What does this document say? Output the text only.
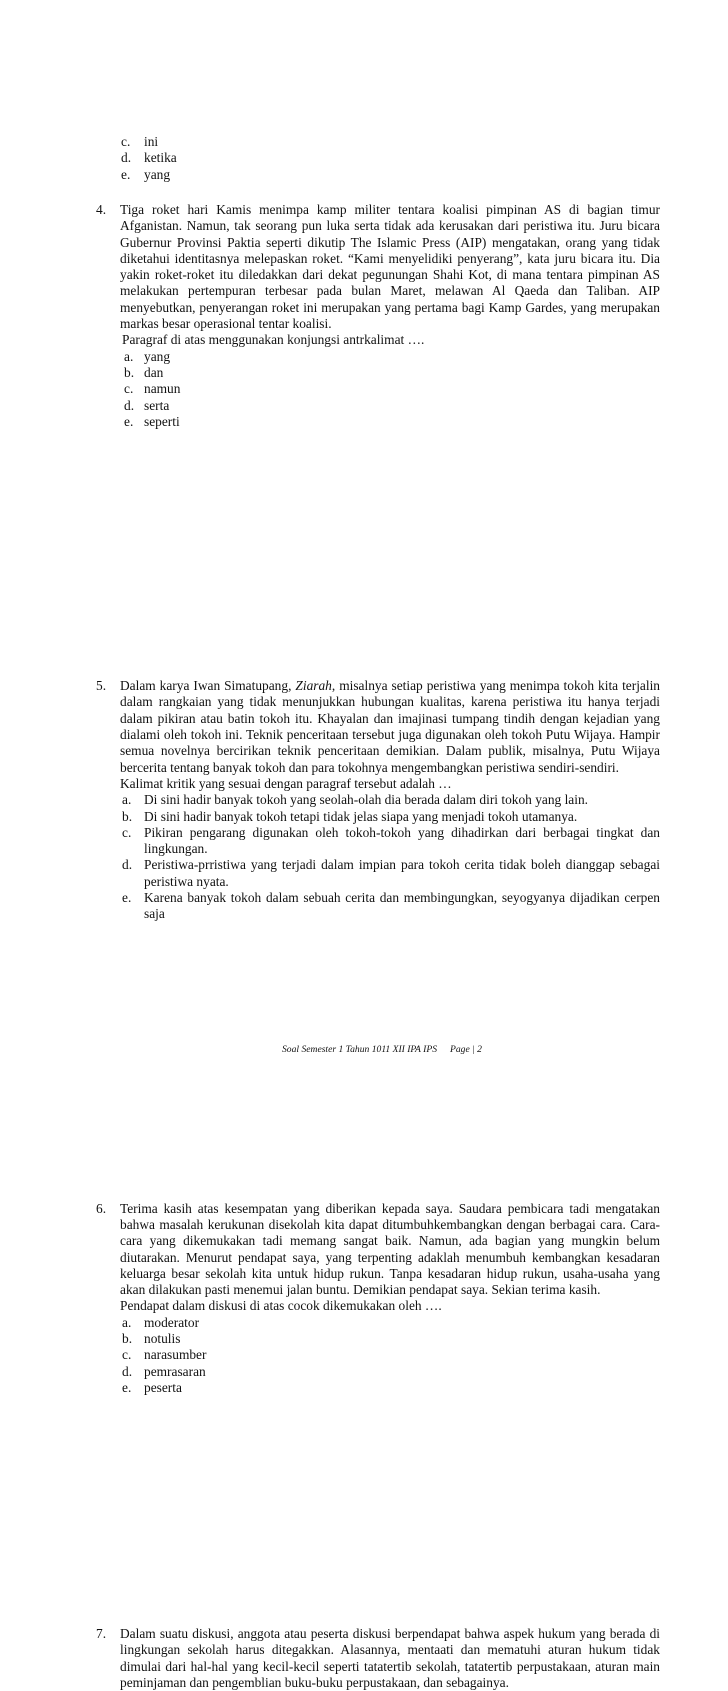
c. ini
d. ketika
e. yang
4. Tiga roket hari Kamis menimpa kamp militer tentara koalisi pimpinan AS di bagian timur Afganistan. Namun, tak seorang pun luka serta tidak ada kerusakan dari peristiwa itu. Juru bicara Gubernur Provinsi Paktia seperti dikutip The Islamic Press (AIP) mengatakan, orang yang tidak diketahui identitasnya melepaskan roket. “Kami menyelidiki penyerang”, kata juru bicara itu. Dia yakin roket-roket itu diledakkan dari dekat pegunungan Shahi Kot, di mana tentara pimpinan AS melakukan pertempuran terbesar pada bulan Maret, melawan Al Qaeda dan Taliban. AIP menyebutkan, penyerangan roket ini merupakan yang pertama bagi Kamp Gardes, yang merupakan markas besar operasional tentar koalisi.

Paragraf di atas menggunakan konjungsi antrkalimat ….
a. yang
b. dan
c. namun
d. serta
e. seperti
5. Dalam karya Iwan Simatupang, Ziarah, misalnya setiap peristiwa yang menimpa tokoh kita terjalin dalam rangkaian yang tidak menunjukkan hubungan kualitas, karena peristiwa itu hanya terjadi dalam pikiran atau batin tokoh itu. Khayalan dan imajinasi tumpang tindih dengan kejadian yang dialami oleh tokoh ini. Teknik penceritaan tersebut juga digunakan oleh tokoh Putu Wijaya. Hampir semua novelnya bercirikan teknik penceritaan demikian. Dalam publik, misalnya, Putu Wijaya bercerita tentang banyak tokoh dan para tokohnya mengembangkan peristiwa sendiri-sendiri.

Kalimat kritik yang sesuai dengan paragraf tersebut adalah …
a. Di sini hadir banyak tokoh yang seolah-olah dia berada dalam diri tokoh yang lain.

b. Di sini hadir banyak tokoh tetapi tidak jelas siapa yang menjadi tokoh utamanya.

c. Pikiran pengarang digunakan oleh tokoh-tokoh yang dihadirkan dari berbagai tingkat dan lingkungan.

d. Peristiwa-prristiwa yang terjadi dalam impian para tokoh cerita tidak boleh dianggap sebagai peristiwa nyata.

e. Karena banyak tokoh dalam sebuah cerita dan membingungkan, seyogyanya dijadikan cerpen saja

6. Terima kasih atas kesempatan yang diberikan kepada saya. Saudara pembicara tadi mengatakan bahwa masalah kerukunan disekolah kita dapat ditumbuhkembangkan dengan berbagai cara. Cara-cara yang dikemukakan tadi memang sangat baik. Namun, ada bagian yang mungkin belum diutarakan. Menurut pendapat saya, yang terpenting adaklah menumbuh kembangkan kesadaran keluarga besar sekolah kita untuk hidup rukun. Tanpa kesadaran hidup rukun, usaha-usaha yang akan dilakukan pasti menemui jalan buntu. Demikian pendapat saya. Sekian terima kasih.

Pendapat dalam diskusi di atas cocok dikemukakan oleh ….
a. moderator
b. notulis
c. narasumber
d. pemrasaran
e. peserta
7. Dalam suatu diskusi, anggota atau peserta diskusi berpendapat bahwa aspek hukum yang berada di lingkungan sekolah harus ditegakkan. Alasannya, mentaati dan mematuhi aturan hukum tidak dimulai dari hal-hal yang kecil-kecil seperti tatatertib sekolah, tatatertib perpustakaan, aturan main peminjaman dan pengemblian buku-buku perpustakaan, dan sebagainya.

Soal Semester 1 Tahun 1011 XII IPA IPS Page | 2
